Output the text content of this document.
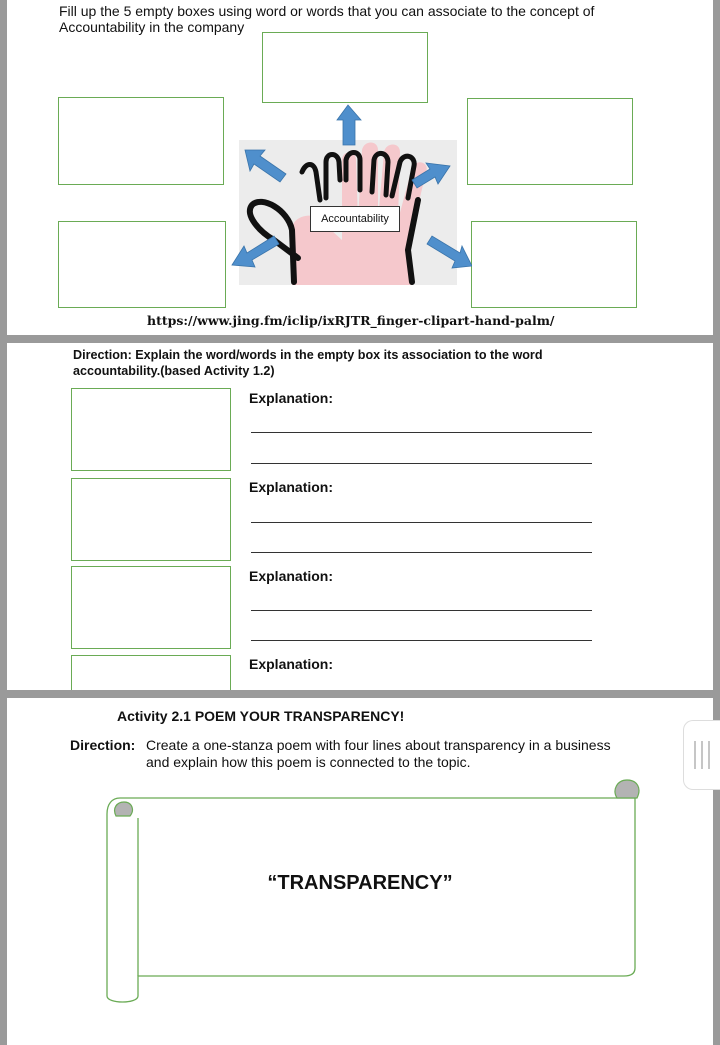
Fill up the 5 empty boxes using word or words that you can associate to the concept of
Accountability in the company
Accountability
https://www.jing.fm/iclip/ixRJTR_finger-clipart-hand-palm/
Direction: Explain the word/words in the empty box its association to the word
accountability.(based Activity 1.2)
Explanation:
Explanation:
Explanation:
Explanation:
Activity 2.1 POEM YOUR TRANSPARENCY!
Direction: Create a one-stanza poem with four lines about transparency in a business and explain how this poem is connected to the topic.
“TRANSPARENCY”
